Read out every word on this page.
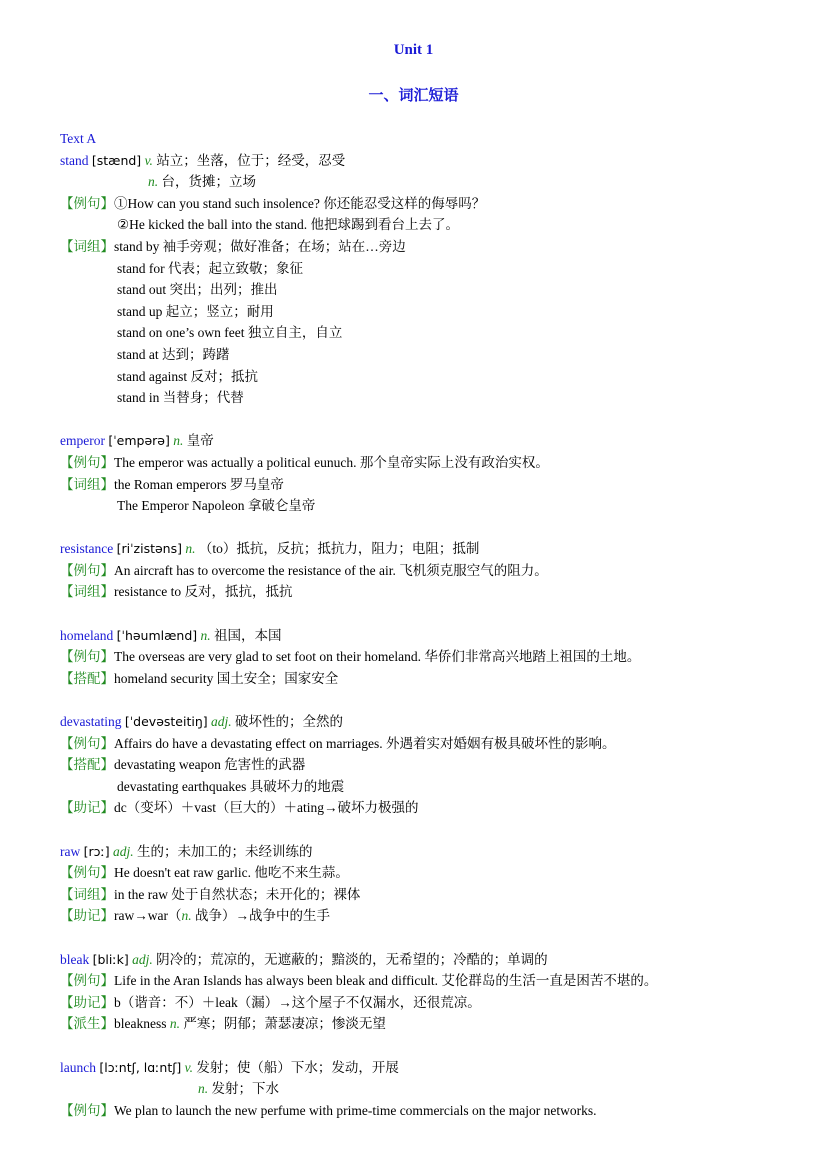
Unit 1
一、词汇短语
Text A
stand [stænd] v. 站立；坐落，位于；经受，忍受
n. 台，货摊；立场
【例句】①How can you stand such insolence? 你还能忍受这样的侮辱吗？
②He kicked the ball into the stand. 他把球踢到看台上去了。
【词组】stand by 袖手旁观；做好准备；在场；站在…旁边
stand for 代表；起立致敬；象征
stand out 突出；出列；推出
stand up 起立；竖立；耐用
stand on one’s own feet 独立自主，自立
stand at 达到；踌躇
stand against 反对；抵抗
stand in 当替身；代替
emperor [ˈempərə] n. 皇帝
【例句】The emperor was actually a political eunuch. 那个皇帝实际上没有政治实权。
【词组】the Roman emperors 罗马皇帝
The Emperor Napoleon 拿破仑皇帝
resistance [riˈzistəns] n. （to）抵抗，反抗；抵抗力，阻力；电阻；抵制
【例句】An aircraft has to overcome the resistance of the air. 飞机须克服空气的阻力。
【词组】resistance to 反对，抵抗，抵抗
homeland [ˈhəumlænd] n. 祖国，本国
【例句】The overseas are very glad to set foot on their homeland. 华侨们非常高兴地踏上祖国的土地。
【搭配】homeland security 国土安全；国家安全
devastating [ˈdevəsteitiŋ] adj. 破坏性的；全然的
【例句】Affairs do have a devastating effect on marriages. 外遇着实对婚姻有极具破坏性的影响。
【搭配】devastating weapon 危害性的武器
devastating earthquakes 具破坏力的地震
【助记】dc（变坏）＋vast（巨大的）＋ating→破坏力极强的
raw [rɔː] adj. 生的；未加工的；未经训练的
【例句】He doesn't eat raw garlic. 他吃不来生蒜。
【词组】in the raw 处于自然状态；未开化的；裸体
【助记】raw→war（n. 战争）→战争中的生手
bleak [bliːk] adj. 阴冷的；荒凉的，无遮蔽的；黯淡的，无希望的；冷酷的；单调的
【例句】Life in the Aran Islands has always been bleak and difficult. 艾伦群岛的生活一直是困苦不堪的。
【助记】b（谐音：不）＋leak（漏）→这个屋子不仅漏水，还很荒凉。
【派生】bleakness n. 严寒；阴郁；萧瑟凄凉；惨淡无望
launch [lɔːntʃ, lɑːntʃ] v. 发射；使（船）下水；发动，开展
n. 发射；下水
【例句】We plan to launch the new perfume with prime-time commercials on the major networks.
